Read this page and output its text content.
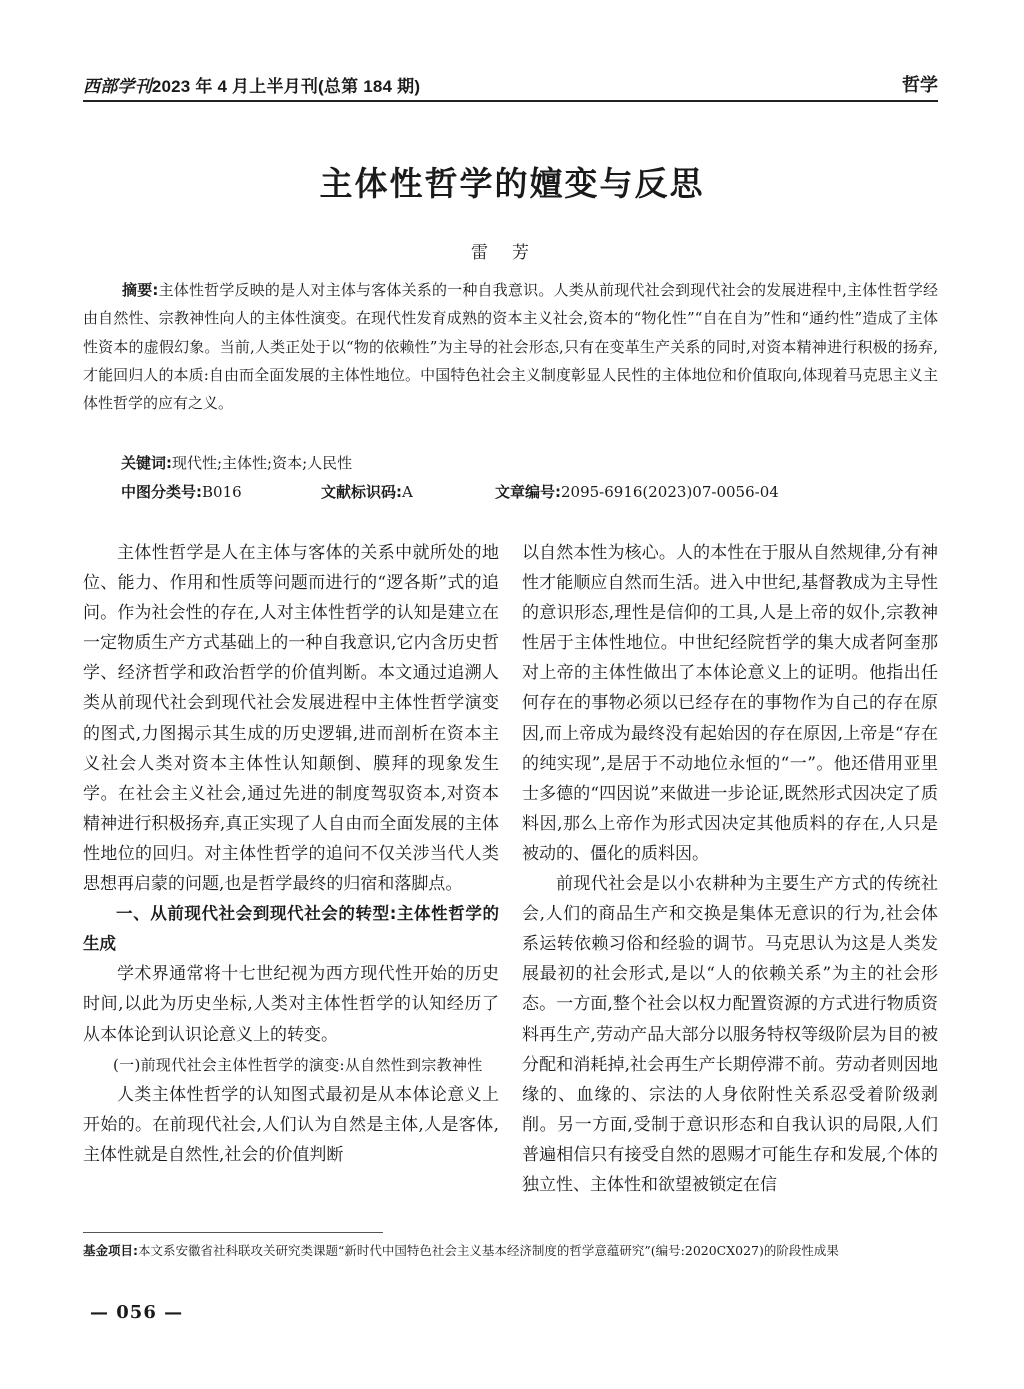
西部学刊2023 年 4 月上半月刊(总第 184 期)	哲学
主体性哲学的嬗变与反思
雷芳

摘要:主体性哲学反映的是人对主体与客体关系的一种自我意识。人类从前现代社会到现代社会的发展进程中,主体性哲学经由自然性、宗教神性向人的主体性演变。在现代性发育成熟的资本主义社会,资本的“物化性”“自在自为”性和“通约性”造成了主体性资本的虚假幻象。当前,人类正处于以“物的依赖性”为主导的社会形态,只有在变革生产关系的同时,对资本精神进行积极的扬弃,才能回归人的本质:自由而全面发展的主体性地位。中国特色社会主义制度彰显人民性的主体地位和价值取向,体现着马克思主义主体性哲学的应有之义。

关键词:现代性;主体性;资本;人民性
中图分类号:B016	文献标识码:A	文章编号:2095-6916(2023)07-0056-04

主体性哲学是人在主体与客体的关系中就所处的地位、能力、作用和性质等问题而进行的“逻各斯”式的追问。作为社会性的存在,人对主体性哲学的认知是建立在一定物质生产方式基础上的一种自我意识,它内含历史哲学、经济哲学和政治哲学的价值判断。本文通过追溯人类从前现代社会到现代社会发展进程中主体性哲学演变的图式,力图揭示其生成的历史逻辑,进而剖析在资本主义社会人类对资本主体性认知颠倒、膜拜的现象发生学。在社会主义社会,通过先进的制度驾驭资本,对资本精神进行积极扬弃,真正实现了人自由而全面发展的主体性地位的回归。对主体性哲学的追问不仅关涉当代人类思想再启蒙的问题,也是哲学最终的归宿和落脚点。

一、从前现代社会到现代社会的转型:主体性哲学的生成

学术界通常将十七世纪视为西方现代性开始的历史时间,以此为历史坐标,人类对主体性哲学的认知经历了从本体论到认识论意义上的转变。

(一)前现代社会主体性哲学的演变:从自然性到宗教神性

人类主体性哲学的认知图式最初是从本体论意义上开始的。在前现代社会,人们认为自然是主体,人是客体,主体性就是自然性,社会的价值判断

以自然本性为核心。人的本性在于服从自然规律,分有神性才能顺应自然而生活。进入中世纪,基督教成为主导性的意识形态,理性是信仰的工具,人是上帝的奴仆,宗教神性居于主体性地位。中世纪经院哲学的集大成者阿奎那对上帝的主体性做出了本体论意义上的证明。他指出任何存在的事物必须以已经存在的事物作为自己的存在原因,而上帝成为最终没有起始因的存在原因,上帝是“存在的纯实现”,是居于不动地位永恒的“一”。他还借用亚里士多德的“四因说”来做进一步论证,既然形式因决定了质料因,那么上帝作为形式因决定其他质料的存在,人只是被动的、僵化的质料因。

前现代社会是以小农耕种为主要生产方式的传统社会,人们的商品生产和交换是集体无意识的行为,社会体系运转依赖习俗和经验的调节。马克思认为这是人类发展最初的社会形式,是以“人的依赖关系”为主的社会形态。一方面,整个社会以权力配置资源的方式进行物质资料再生产,劳动产品大部分以服务特权等级阶层为目的被分配和消耗掉,社会再生产长期停滞不前。劳动者则因地缘的、血缘的、宗法的人身依附性关系忍受着阶级剥削。另一方面,受制于意识形态和自我认识的局限,人们普遍相信只有接受自然的恩赐才可能生存和发展,个体的独立性、主体性和欲望被锁定在信

基金项目:本文系安徽省社科联攻关研究类课题“新时代中国特色社会主义基本经济制度的哲学意蕴研究”(编号:2020CX027)的阶段性成果
— 056 —
